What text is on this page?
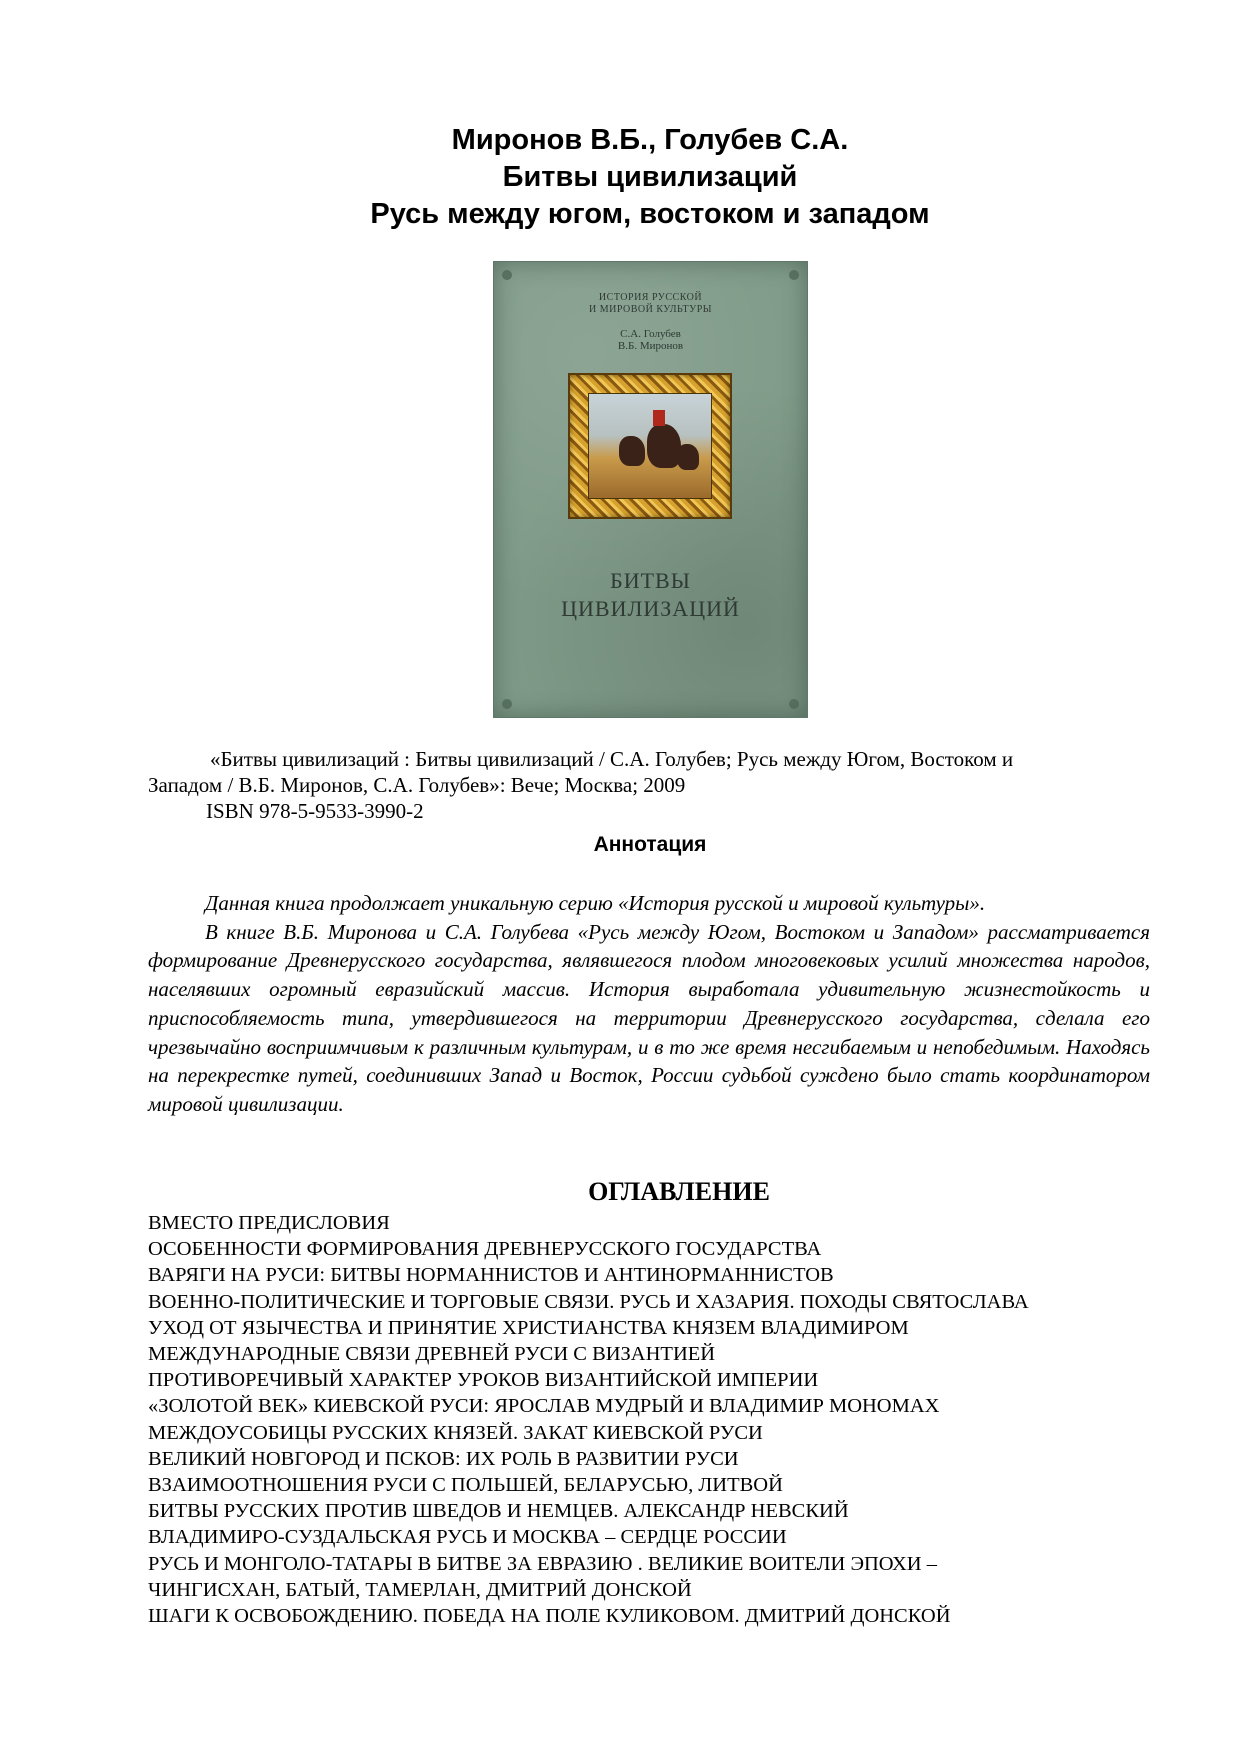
Миронов В.Б., Голубев С.А.
Битвы цивилизаций
Русь между югом, востоком и западом
ИСТОРИЯ РУССКОЙ
И МИРОВОЙ КУЛЬТУРЫ
С.А. Голубев
В.Б. Миронов
БИТВЫ
ЦИВИЛИЗАЦИЙ
«Битвы цивилизаций : Битвы цивилизаций / С.А. Голубев; Русь между Югом, Востоком и Западом / В.Б. Миронов, С.А. Голубев»: Вече; Москва; 2009
ISBN 978-5-9533-3990-2
Аннотация

Данная книга продолжает уникальную серию «История русской и мировой культуры».

В книге В.Б. Миронова и С.А. Голубева «Русь между Югом, Востоком и Западом» рассматривается формирование Древнерусского государства, являвшегося плодом многовековых усилий множества народов, населявших огромный евразийский массив. История выработала удивительную жизнестойкость и приспособляемость типа, утвердившегося на территории Древнерусского государства, сделала его чрезвычайно восприимчивым к различным культурам, и в то же время несгибаемым и непобедимым. Находясь на перекрестке путей, соединивших Запад и Восток, России судьбой суждено было стать координатором мировой цивилизации.

ОГЛАВЛЕНИЕ
ВМЕСТО ПРЕДИСЛОВИЯ
ОСОБЕННОСТИ ФОРМИРОВАНИЯ ДРЕВНЕРУССКОГО ГОСУДАРСТВА
ВАРЯГИ НА РУСИ: БИТВЫ НОРМАННИСТОВ И АНТИНОРМАННИСТОВ
ВОЕННО-ПОЛИТИЧЕСКИЕ И ТОРГОВЫЕ СВЯЗИ. РУСЬ И ХАЗАРИЯ. ПОХОДЫ СВЯТОСЛАВА
УХОД ОТ ЯЗЫЧЕСТВА И ПРИНЯТИЕ ХРИСТИАНСТВА КНЯЗЕМ ВЛАДИМИРОМ
МЕЖДУНАРОДНЫЕ СВЯЗИ ДРЕВНЕЙ РУСИ С ВИЗАНТИЕЙ
ПРОТИВОРЕЧИВЫЙ ХАРАКТЕР УРОКОВ ВИЗАНТИЙСКОЙ ИМПЕРИИ
«ЗОЛОТОЙ ВЕК» КИЕВСКОЙ РУСИ: ЯРОСЛАВ МУДРЫЙ И ВЛАДИМИР МОНОМАХ
МЕЖДОУСОБИЦЫ РУССКИХ КНЯЗЕЙ. ЗАКАТ КИЕВСКОЙ РУСИ
ВЕЛИКИЙ НОВГОРОД И ПСКОВ: ИХ РОЛЬ В РАЗВИТИИ РУСИ
ВЗАИМООТНОШЕНИЯ РУСИ С ПОЛЬШЕЙ, БЕЛАРУСЬЮ, ЛИТВОЙ
БИТВЫ РУССКИХ ПРОТИВ ШВЕДОВ И НЕМЦЕВ. АЛЕКСАНДР НЕВСКИЙ
ВЛАДИМИРО-СУЗДАЛЬСКАЯ РУСЬ И МОСКВА – СЕРДЦЕ РОССИИ
РУСЬ И МОНГОЛО-ТАТАРЫ В БИТВЕ ЗА ЕВРАЗИЮ . ВЕЛИКИЕ ВОИТЕЛИ ЭПОХИ –
ЧИНГИСХАН, БАТЫЙ, ТАМЕРЛАН, ДМИТРИЙ ДОНСКОЙ
ШАГИ К ОСВОБОЖДЕНИЮ. ПОБЕДА НА ПОЛЕ КУЛИКОВОМ. ДМИТРИЙ ДОНСКОЙ
